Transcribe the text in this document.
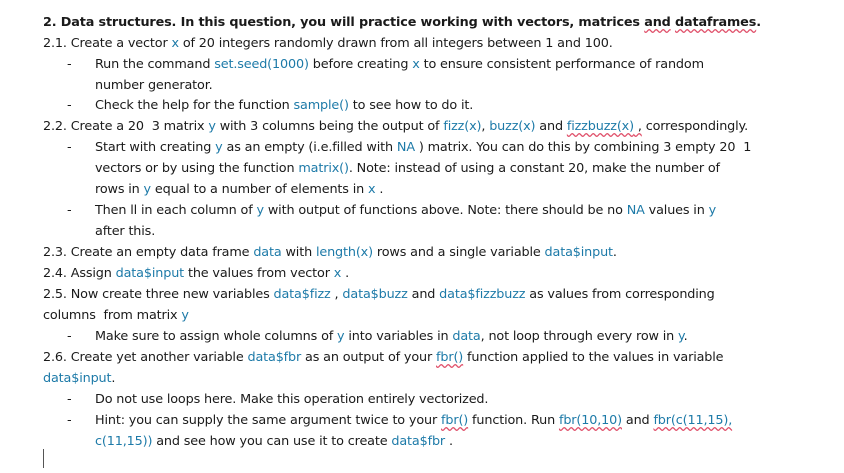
2. Data structures. In this question, you will practice working with vectors, matrices and dataframes.
2.1. Create a vector x of 20 integers randomly drawn from all integers between 1 and 100.
- Run the command set.seed(1000) before creating x to ensure consistent performance of random
number generator.
- Check the help for the function sample() to see how to do it.
2.2. Create a 20  3 matrix y with 3 columns being the output of fizz(x), buzz(x) and fizzbuzz(x) , correspondingly.
- Start with creating y as an empty (i.e.filled with NA ) matrix. You can do this by combining 3 empty 20  1
vectors or by using the function matrix(). Note: instead of using a constant 20, make the number of
rows in y equal to a number of elements in x .
- Then ll in each column of y with output of functions above. Note: there should be no NA values in y
after this.
2.3. Create an empty data frame data with length(x) rows and a single variable data$input.
2.4. Assign data$input the values from vector x .
2.5. Now create three new variables data$fizz , data$buzz and data$fizzbuzz as values from corresponding
columns  from matrix y
- Make sure to assign whole columns of y into variables in data, not loop through every row in y.
2.6. Create yet another variable data$fbr as an output of your fbr() function applied to the values in variable
data$input.
- Do not use loops here. Make this operation entirely vectorized.
- Hint: you can supply the same argument twice to your fbr() function. Run fbr(10,10) and fbr(c(11,15),
c(11,15)) and see how you can use it to create data$fbr .
